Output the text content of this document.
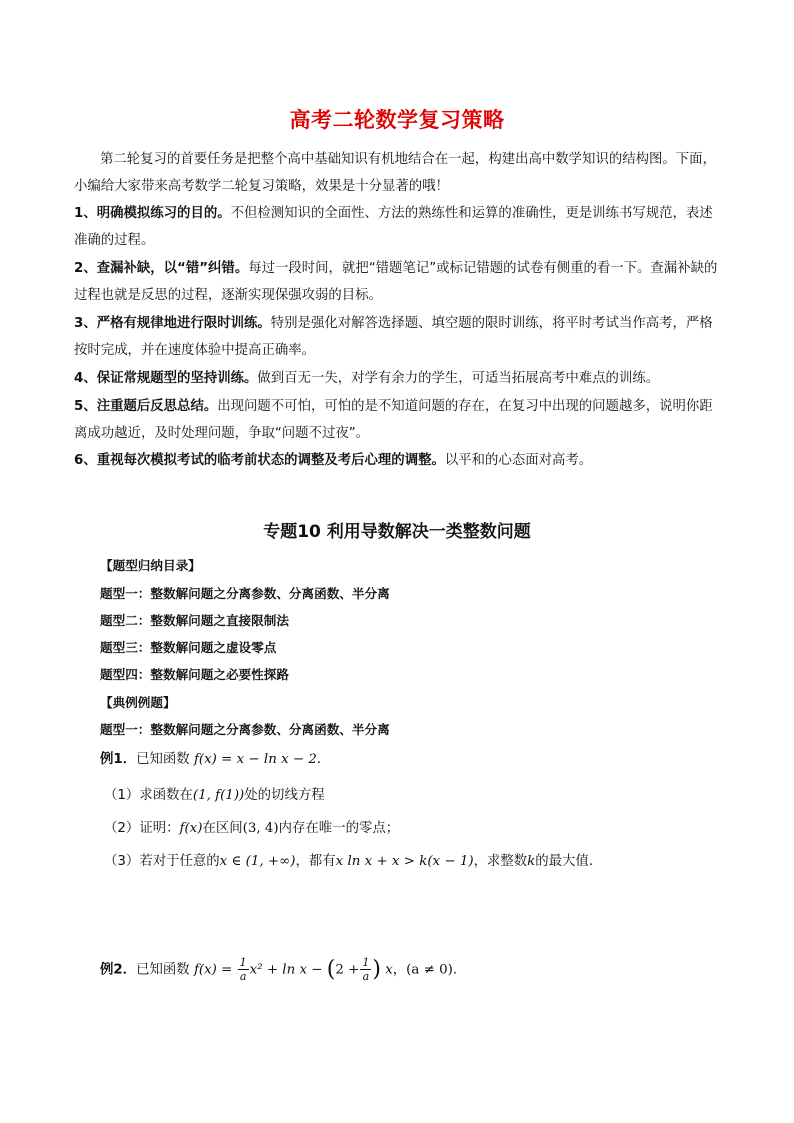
高考二轮数学复习策略
第二轮复习的首要任务是把整个高中基础知识有机地结合在一起，构建出高中数学知识的结构图。下面，小编给大家带来高考数学二轮复习策略，效果是十分显著的哦！
1、明确模拟练习的目的。不但检测知识的全面性、方法的熟练性和运算的准确性，更是训练书写规范，表述准确的过程。
2、查漏补缺，以“错”纠错。每过一段时间，就把“错题笔记”或标记错题的试卷有侧重的看一下。查漏补缺的过程也就是反思的过程，逐渐实现保强攻弱的目标。
3、严格有规律地进行限时训练。特别是强化对解答选择题、填空题的限时训练，将平时考试当作高考，严格按时完成，并在速度体验中提高正确率。
4、保证常规题型的坚持训练。做到百无一失，对学有余力的学生，可适当拓展高考中难点的训练。
5、注重题后反思总结。出现问题不可怕，可怕的是不知道问题的存在，在复习中出现的问题越多，说明你距离成功越近，及时处理问题，争取“问题不过夜”。
6、重视每次模拟考试的临考前状态的调整及考后心理的调整。以平和的心态面对高考。
专题10 利用导数解决一类整数问题
【题型归纳目录】
题型一：整数解问题之分离参数、分离函数、半分离
题型二：整数解问题之直接限制法
题型三：整数解问题之虚设零点
题型四：整数解问题之必要性探路
【典例例题】
题型一：整数解问题之分离参数、分离函数、半分离
例1．已知函数 f(x) = x − ln x − 2．
（1）求函数在(1, f(1))处的切线方程
（2）证明：f(x)在区间(3, 4)内存在唯一的零点；
（3）若对于任意的x ∈ (1, +∞)，都有x ln x + x > k(x − 1)，求整数k的最大值．
例2．已知函数 $f(x) = \frac{1}{a} x^2 + \ln x - (2 + \frac{1}{a}$ ) x，(a ≠ 0).
